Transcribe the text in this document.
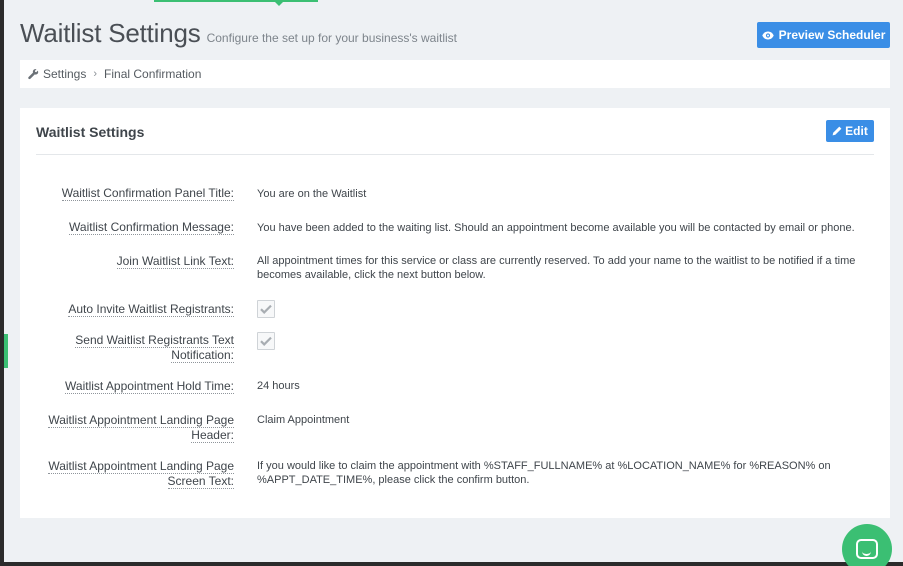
Waitlist Settings Configure the set up for your business's waitlist	Preview Scheduler
Settings › Final Confirmation
Waitlist Settings	Edit
Waitlist Confirmation Panel Title: You are on the Waitlist
Waitlist Confirmation Message: You have been added to the waiting list. Should an appointment become available you will be contacted by email or phone.
Join Waitlist Link Text: All appointment times for this service or class are currently reserved. To add your name to the waitlist to be notified if a time becomes available, click the next button below.
Auto Invite Waitlist Registrants:
Send Waitlist Registrants Text Notification:
Waitlist Appointment Hold Time: 24 hours
Waitlist Appointment Landing Page Header:
Claim Appointment
Waitlist Appointment Landing Page Screen Text:
If you would like to claim the appointment with %STAFF_FULLNAME% at %LOCATION_NAME% for %REASON% on %APPT_DATE_TIME%, please click the confirm button.
